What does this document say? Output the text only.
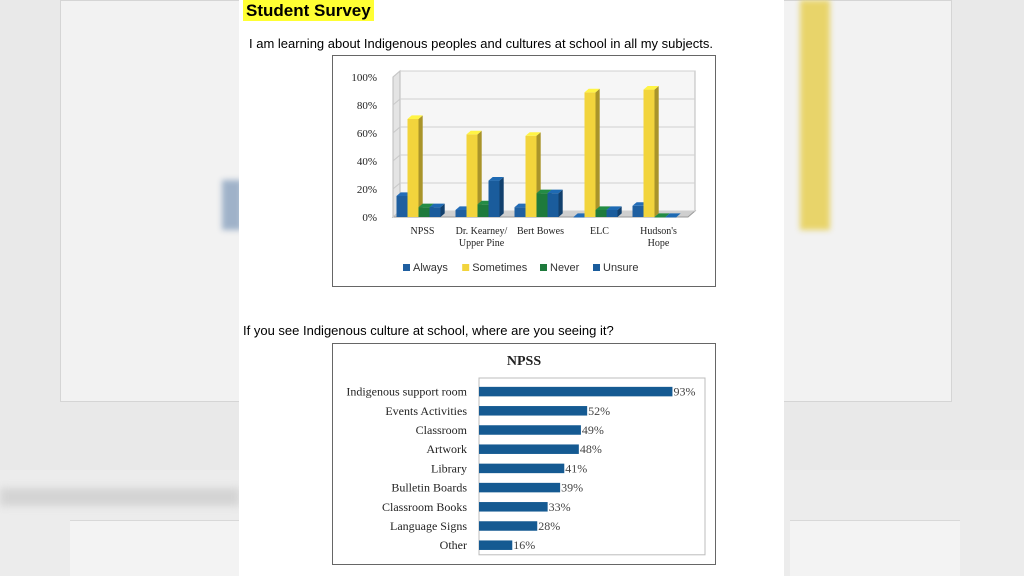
Student Survey

I am learning about Indigenous peoples and cultures at school in all my subjects.

0%
20%
40%
60%
80%
100%
NPSS Dr. Kearney/
Upper Pine
Bert Bowes	ELC	Hudson's
Hope
Always Sometimes Never Unsure

If you see Indigenous culture at school, where are you seeing it?

NPSS
Indigenous support room	93%
Events Activities	52%
Classroom	49%
Artwork	48%
Library	41%
Bulletin Boards	39%
Classroom Books	33%
Language Signs	28%
Other	16%
